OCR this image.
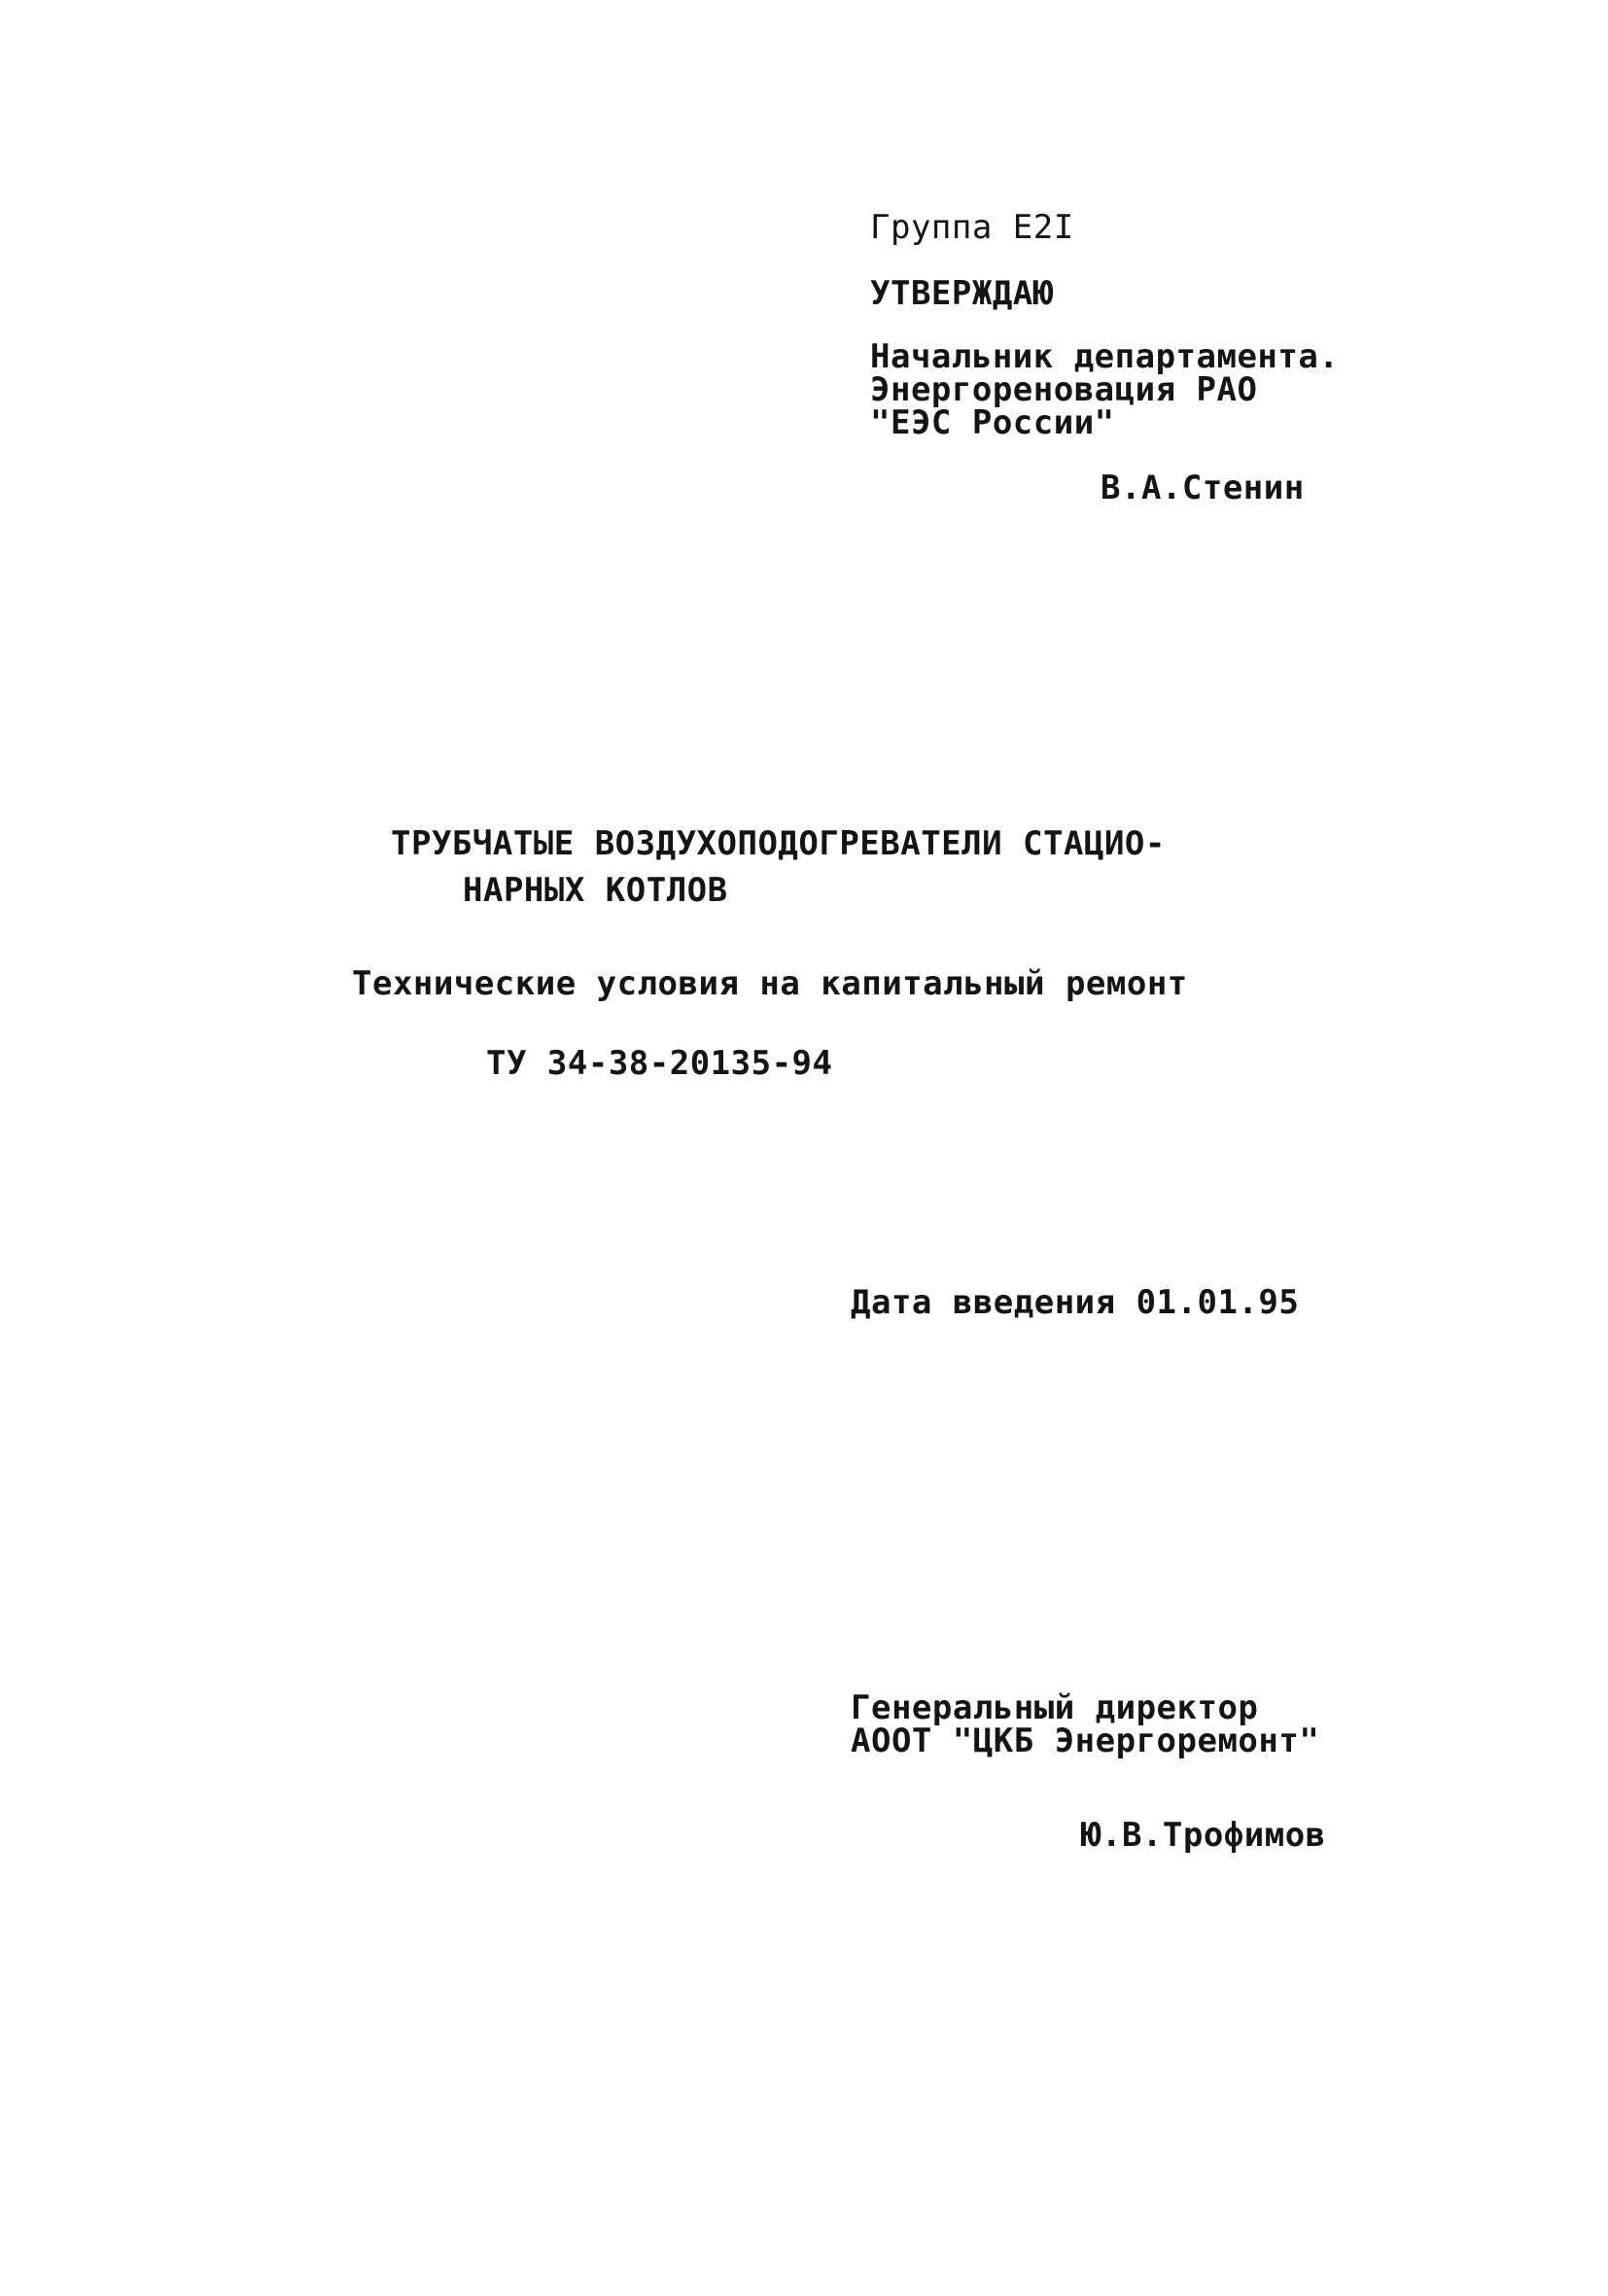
Группа E2I
УТВЕРЖДАЮ
Начальник департамента.
Энергореновация РАО
"ЕЭС России"
В.А.Стенин
ТРУБЧАТЫЕ ВОЗДУХОПОДОГРЕВАТЕЛИ СТАЦИО-
НАРНЫХ КОТЛОВ
Технические условия на капитальный ремонт
ТУ 34-38-20135-94
Дата введения 01.01.95
Генеральный директор
АООТ "ЦКБ Энергоремонт"
Ю.В.Трофимов
